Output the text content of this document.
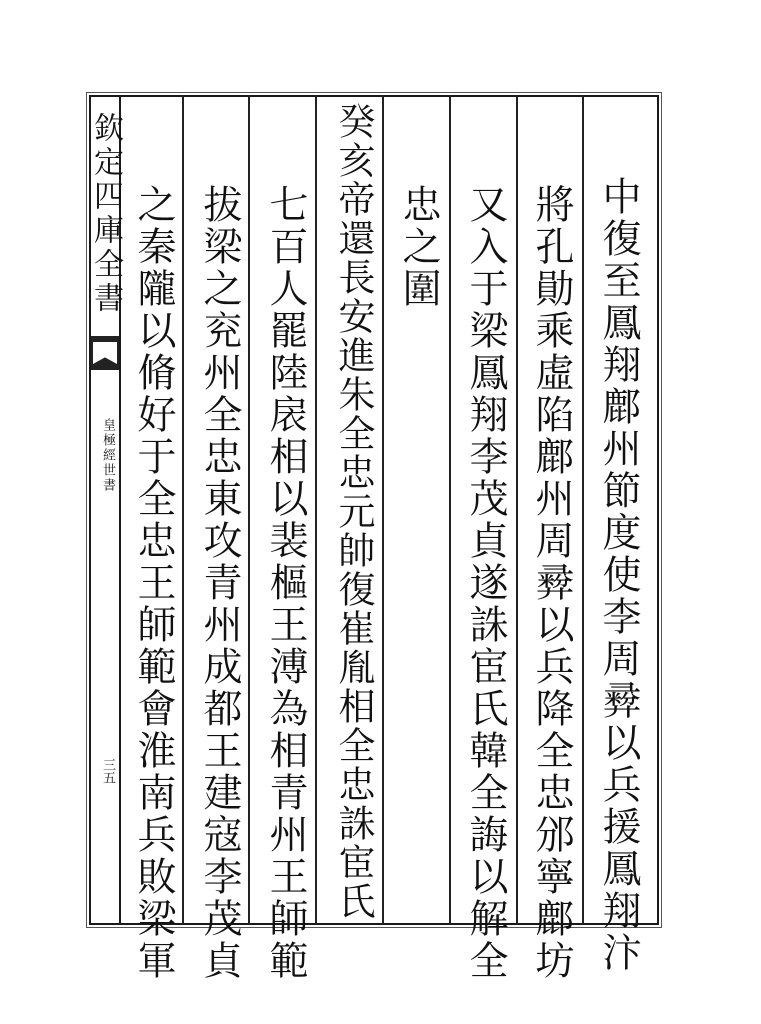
欽定四庫全書
皇極經世書
三五	中復至鳳翔鄜州節度使李周彛以兵援鳳翔汴
將孔勛乘虛陷鄜州周彛以兵降全忠邠寧鄜坊
又入于梁鳳翔李茂貞遂誅宦氏韓全誨以解全
忠之圍
癸亥帝還長安進朱全忠元帥復崔胤相全忠誅宦氏
七百人罷陸扆相以裴樞王溥為相青州王師範
拔梁之兖州全忠東攻青州成都王建寇李茂貞
之秦隴以脩好于全忠王師範會淮南兵敗梁軍
